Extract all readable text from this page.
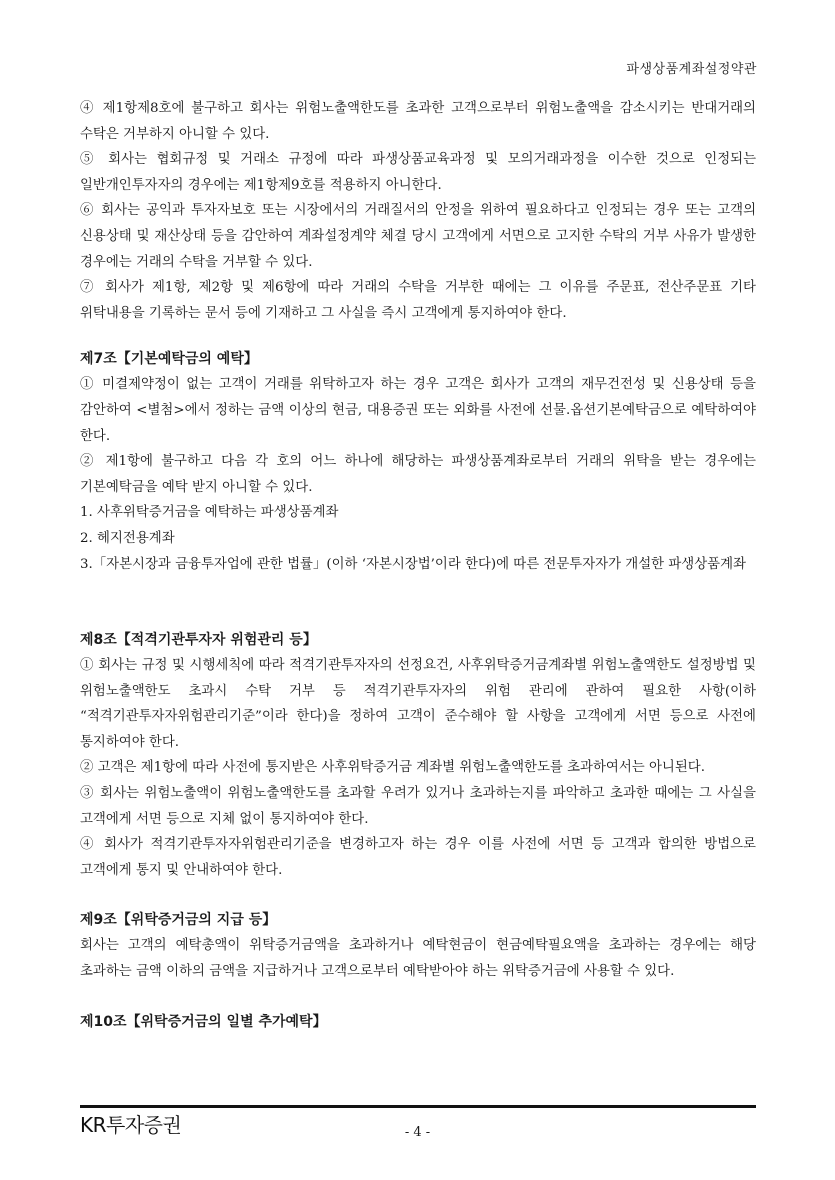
파생상품계좌설정약관

④ 제1항제8호에 불구하고 회사는 위험노출액한도를 초과한 고객으로부터 위험노출액을 감소시키는 반대거래의 수탁은 거부하지 아니할 수 있다.

⑤ 회사는 협회규정 및 거래소 규정에 따라 파생상품교육과정 및 모의거래과정을 이수한 것으로 인정되는 일반개인투자자의 경우에는 제1항제9호를 적용하지 아니한다.

⑥ 회사는 공익과 투자자보호 또는 시장에서의 거래질서의 안정을 위하여 필요하다고 인정되는 경우 또는 고객의 신용상태 및 재산상태 등을 감안하여 계좌설정계약 체결 당시 고객에게 서면으로 고지한 수탁의 거부 사유가 발생한 경우에는 거래의 수탁을 거부할 수 있다.

⑦ 회사가 제1항, 제2항 및 제6항에 따라 거래의 수탁을 거부한 때에는 그 이유를 주문표, 전산주문표 기타 위탁내용을 기록하는 문서 등에 기재하고 그 사실을 즉시 고객에게 통지하여야 한다.

제7조【기본예탁금의 예탁】

① 미결제약정이 없는 고객이 거래를 위탁하고자 하는 경우 고객은 회사가 고객의 재무건전성 및 신용상태 등을 감안하여 <별첨>에서 정하는 금액 이상의 현금, 대용증권 또는 외화를 사전에 선물․옵션기본예탁금으로 예탁하여야 한다.

② 제1항에 불구하고 다음 각 호의 어느 하나에 해당하는 파생상품계좌로부터 거래의 위탁을 받는 경우에는 기본예탁금을 예탁 받지 아니할 수 있다.

1. 사후위탁증거금을 예탁하는 파생상품계좌

2. 헤지전용계좌

3.「자본시장과 금융투자업에 관한 법률」(이하 ‘자본시장법’이라 한다)에 따른 전문투자자가 개설한 파생상품계좌

제8조【적격기관투자자 위험관리 등】

① 회사는 규정 및 시행세칙에 따라 적격기관투자자의 선정요건, 사후위탁증거금계좌별 위험노출액한도 설정방법 및 위험노출액한도 초과시 수탁 거부 등 적격기관투자자의 위험 관리에 관하여 필요한 사항(이하 “적격기관투자자위험관리기준”이라 한다)을 정하여 고객이 준수해야 할 사항을 고객에게 서면 등으로 사전에 통지하여야 한다.

② 고객은 제1항에 따라 사전에 통지받은 사후위탁증거금 계좌별 위험노출액한도를 초과하여서는 아니된다.

③ 회사는 위험노출액이 위험노출액한도를 초과할 우려가 있거나 초과하는지를 파악하고 초과한 때에는 그 사실을 고객에게 서면 등으로 지체 없이 통지하여야 한다.

④ 회사가 적격기관투자자위험관리기준을 변경하고자 하는 경우 이를 사전에 서면 등 고객과 합의한 방법으로 고객에게 통지 및 안내하여야 한다.

제9조【위탁증거금의 지급 등】

회사는 고객의 예탁총액이 위탁증거금액을 초과하거나 예탁현금이 현금예탁필요액을 초과하는 경우에는 해당 초과하는 금액 이하의 금액을 지급하거나 고객으로부터 예탁받아야 하는 위탁증거금에 사용할 수 있다.

제10조【위탁증거금의 일별 추가예탁】

KR투자증권	- 4 -
